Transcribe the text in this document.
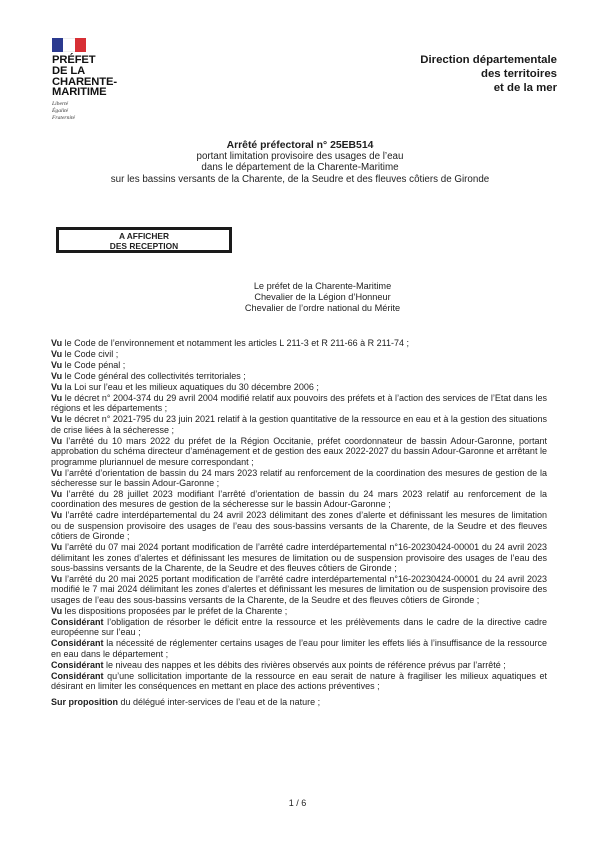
PRÉFET
DE LA
CHARENTE-
MARITIME
Liberté
Égalité
Fraternité
Direction départementale
des territoires
et de la mer
Arrêté préfectoral n° 25EB514
portant limitation provisoire des usages de l’eau
dans le département de la Charente-Maritime
sur les bassins versants de la Charente, de la Seudre et des fleuves côtiers de Gironde
A AFFICHER
DES RECEPTION
Le préfet de la Charente-Maritime
Chevalier de la Légion d’Honneur
Chevalier de l’ordre national du Mérite

Vu le Code de l’environnement et notamment les articles L 211-3 et R 211-66 à R 211-74 ;

Vu le Code civil ;

Vu le Code pénal ;

Vu le Code général des collectivités territoriales ;

Vu la Loi sur l’eau et les milieux aquatiques du 30 décembre 2006 ;

Vu le décret n° 2004-374 du 29 avril 2004 modifié relatif aux pouvoirs des préfets et à l’action des services de l’Etat dans les régions et les départements ;

Vu le décret n° 2021-795 du 23 juin 2021 relatif à la gestion quantitative de la ressource en eau et à la gestion des situations de crise liées à la sécheresse ;

Vu l’arrêté du 10 mars 2022 du préfet de la Région Occitanie, préfet coordonnateur de bassin Adour-Garonne, portant approbation du schéma directeur d’aménagement et de gestion des eaux 2022-2027 du bassin Adour-Garonne et arrêtant le programme pluriannuel de mesure correspondant ;

Vu l’arrêté d’orientation de bassin du 24 mars 2023 relatif au renforcement de la coordination des mesures de gestion de la sécheresse sur le bassin Adour-Garonne ;

Vu l’arrêté du 28 juillet 2023 modifiant l’arrêté d’orientation de bassin du 24 mars 2023 relatif au renforcement de la coordination des mesures de gestion de la sécheresse sur le bassin Adour-Garonne ;

Vu l’arrêté cadre interdépartemental du 24 avril 2023 délimitant des zones d’alerte et définissant les mesures de limitation ou de suspension provisoire des usages de l’eau des sous-bassins versants de la Charente, de la Seudre et des fleuves côtiers de Gironde ;

Vu l’arrêté du 07 mai 2024 portant modification de l’arrêté cadre interdépartemental n°16-20230424-00001 du 24 avril 2023 délimitant les zones d’alertes et définissant les mesures de limitation ou de suspension provisoire des usages de l’eau des sous-bassins versants de la Charente, de la Seudre et des fleuves côtiers de Gironde ;

Vu l’arrêté du 20 mai 2025 portant modification de l’arrêté cadre interdépartemental n°16-20230424-00001 du 24 avril 2023 modifié le 7 mai 2024 délimitant les zones d’alertes et définissant les mesures de limitation ou de suspension provisoire des usages de l’eau des sous-bassins versants de la Charente, de la Seudre et des fleuves côtiers de Gironde ;

Vu les dispositions proposées par le préfet de la Charente ;

Considérant l’obligation de résorber le déficit entre la ressource et les prélèvements dans le cadre de la directive cadre européenne sur l’eau ;

Considérant la nécessité de réglementer certains usages de l’eau pour limiter les effets liés à l’insuffisance de la ressource en eau dans le département ;

Considérant le niveau des nappes et les débits des rivières observés aux points de référence prévus par l’arrêté ;

Considérant qu’une sollicitation importante de la ressource en eau serait de nature à fragiliser les milieux aquatiques et désirant en limiter les conséquences en mettant en place des actions préventives ;

Sur proposition du délégué inter-services de l’eau et de la nature ;

1 / 6
